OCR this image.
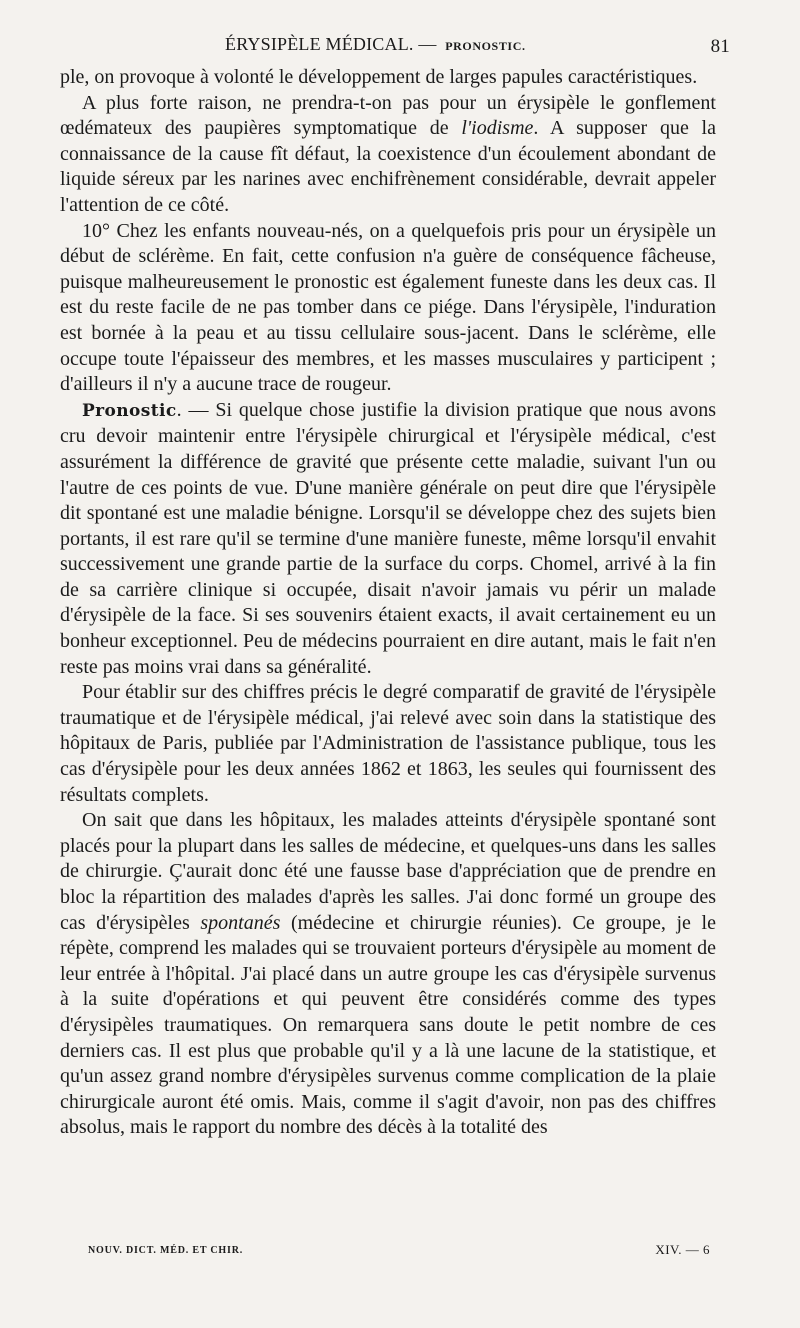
ÉRYSIPÈLE MÉDICAL. — PRONOSTIC.	81

ple, on provoque à volonté le développement de larges papules caractéristiques.

A plus forte raison, ne prendra-t-on pas pour un érysipèle le gonflement œdémateux des paupières symptomatique de l'iodisme. A supposer que la connaissance de la cause fît défaut, la coexistence d'un écoulement abondant de liquide séreux par les narines avec enchifrènement considérable, devrait appeler l'attention de ce côté.

10° Chez les enfants nouveau-nés, on a quelquefois pris pour un érysipèle un début de sclérème. En fait, cette confusion n'a guère de conséquence fâcheuse, puisque malheureusement le pronostic est également funeste dans les deux cas. Il est du reste facile de ne pas tomber dans ce piége. Dans l'érysipèle, l'induration est bornée à la peau et au tissu cellulaire sous-jacent. Dans le sclérème, elle occupe toute l'épaisseur des membres, et les masses musculaires y participent ; d'ailleurs il n'y a aucune trace de rougeur.

Pronostic. — Si quelque chose justifie la division pratique que nous avons cru devoir maintenir entre l'érysipèle chirurgical et l'érysipèle médical, c'est assurément la différence de gravité que présente cette maladie, suivant l'un ou l'autre de ces points de vue. D'une manière générale on peut dire que l'érysipèle dit spontané est une maladie bénigne. Lorsqu'il se développe chez des sujets bien portants, il est rare qu'il se termine d'une manière funeste, même lorsqu'il envahit successivement une grande partie de la surface du corps. Chomel, arrivé à la fin de sa carrière clinique si occupée, disait n'avoir jamais vu périr un malade d'érysipèle de la face. Si ses souvenirs étaient exacts, il avait certainement eu un bonheur exceptionnel. Peu de médecins pourraient en dire autant, mais le fait n'en reste pas moins vrai dans sa généralité.

Pour établir sur des chiffres précis le degré comparatif de gravité de l'érysipèle traumatique et de l'érysipèle médical, j'ai relevé avec soin dans la statistique des hôpitaux de Paris, publiée par l'Administration de l'assistance publique, tous les cas d'érysipèle pour les deux années 1862 et 1863, les seules qui fournissent des résultats complets.

On sait que dans les hôpitaux, les malades atteints d'érysipèle spontané sont placés pour la plupart dans les salles de médecine, et quelques-uns dans les salles de chirurgie. Ç'aurait donc été une fausse base d'appréciation que de prendre en bloc la répartition des malades d'après les salles. J'ai donc formé un groupe des cas d'érysipèles spontanés (médecine et chirurgie réunies). Ce groupe, je le répète, comprend les malades qui se trouvaient porteurs d'érysipèle au moment de leur entrée à l'hôpital. J'ai placé dans un autre groupe les cas d'érysipèle survenus à la suite d'opérations et qui peuvent être considérés comme des types d'érysipèles traumatiques. On remarquera sans doute le petit nombre de ces derniers cas. Il est plus que probable qu'il y a là une lacune de la statistique, et qu'un assez grand nombre d'érysipèles survenus comme complication de la plaie chirurgicale auront été omis. Mais, comme il s'agit d'avoir, non pas des chiffres absolus, mais le rapport du nombre des décès à la totalité des

NOUV. DICT. MÉD. ET CHIR.	XIV. — 6
